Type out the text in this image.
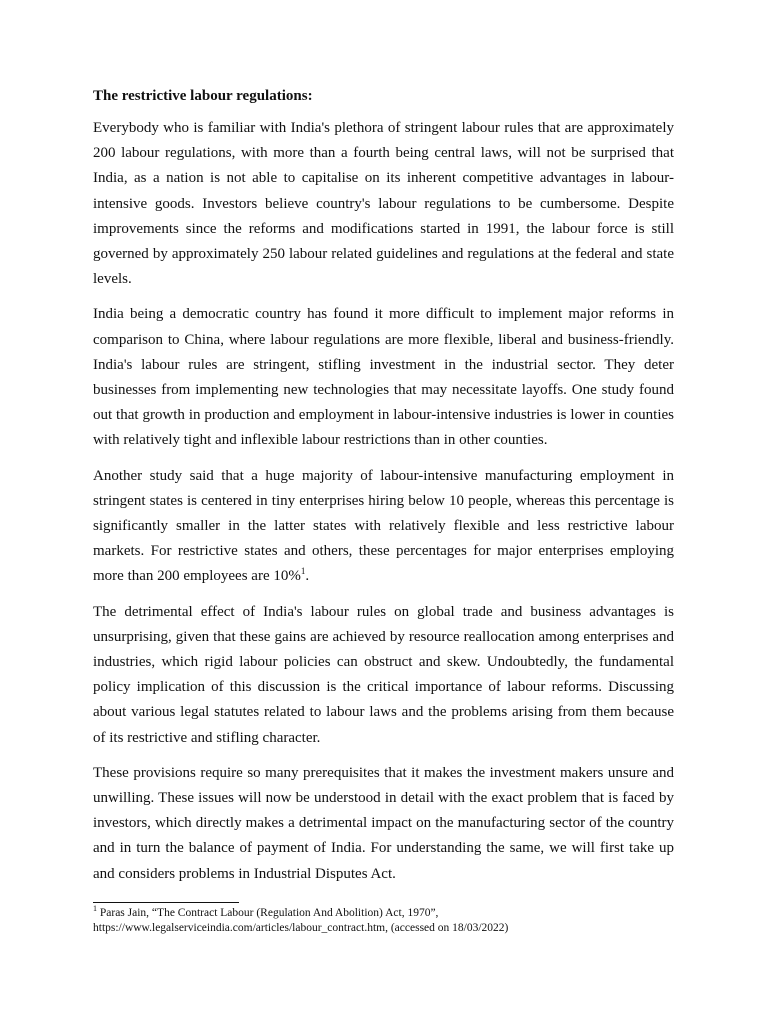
The restrictive labour regulations:

Everybody who is familiar with India's plethora of stringent labour rules that are approximately 200 labour regulations, with more than a fourth being central laws, will not be surprised that India, as a nation is not able to capitalise on its inherent competitive advantages in labour-intensive goods. Investors believe country's labour regulations to be cumbersome. Despite improvements since the reforms and modifications started in 1991, the labour force is still governed by approximately 250 labour related guidelines and regulations at the federal and state levels.

India being a democratic country has found it more difficult to implement major reforms in comparison to China, where labour regulations are more flexible, liberal and business-friendly. India's labour rules are stringent, stifling investment in the industrial sector. They deter businesses from implementing new technologies that may necessitate layoffs. One study found out that growth in production and employment in labour-intensive industries is lower in counties with relatively tight and inflexible labour restrictions than in other counties.

Another study said that a huge majority of labour-intensive manufacturing employment in stringent states is centered in tiny enterprises hiring below 10 people, whereas this percentage is significantly smaller in the latter states with relatively flexible and less restrictive labour markets. For restrictive states and others, these percentages for major enterprises employing more than 200 employees are 10%$^1$.

The detrimental effect of India's labour rules on global trade and business advantages is unsurprising, given that these gains are achieved by resource reallocation among enterprises and industries, which rigid labour policies can obstruct and skew. Undoubtedly, the fundamental policy implication of this discussion is the critical importance of labour reforms. Discussing about various legal statutes related to labour laws and the problems arising from them because of its restrictive and stifling character.

These provisions require so many prerequisites that it makes the investment makers unsure and unwilling. These issues will now be understood in detail with the exact problem that is faced by investors, which directly makes a detrimental impact on the manufacturing sector of the country and in turn the balance of payment of India. For understanding the same, we will first take up and considers problems in Industrial Disputes Act.

$^1$ Paras Jain, “The Contract Labour (Regulation And Abolition) Act, 1970”,
https://www.legalserviceindia.com/articles/labour_contract.htm, (accessed on 18/03/2022)
